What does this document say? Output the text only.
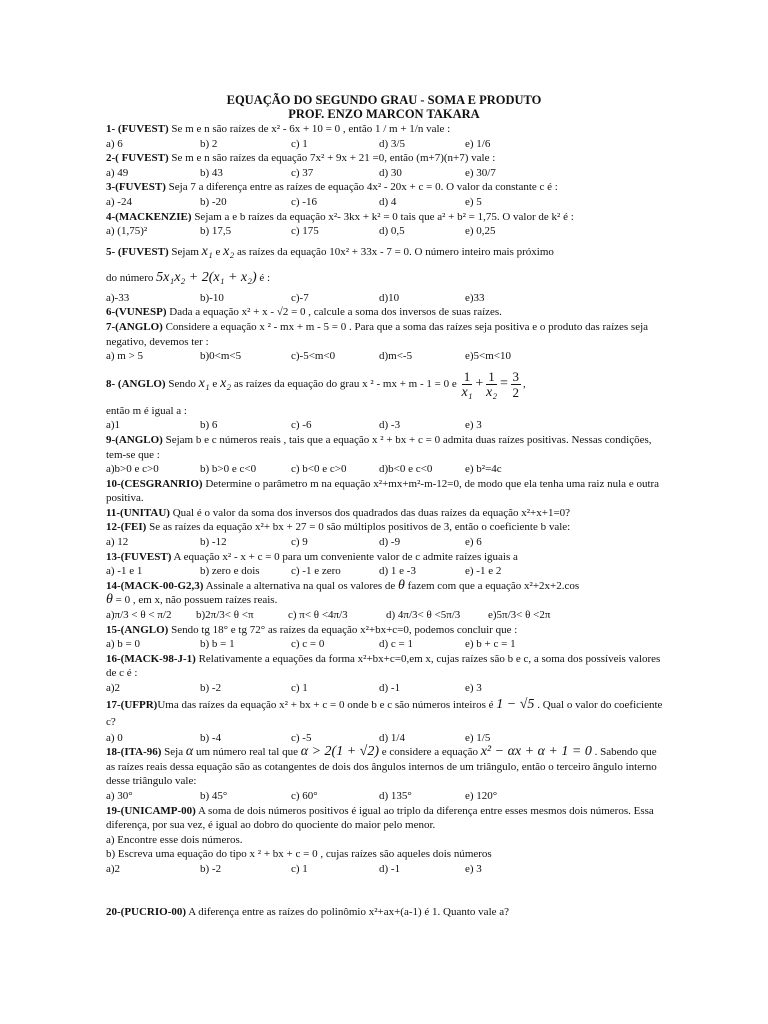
EQUAÇÃO DO SEGUNDO GRAU - SOMA E PRODUTO
PROF. ENZO MARCON TAKARA
1- (FUVEST) Se m e n são raízes de x² - 6x + 10 = 0 , então 1 / m + 1/n vale :
a) 6	b) 2	c) 1	d) 3/5	e) 1/6
2-( FUVEST) Se m e n são raízes da equação 7x² + 9x + 21 =0, então (m+7)(n+7) vale :
a) 49	b) 43	c) 37	d) 30	e) 30/7
3-(FUVEST) Seja 7 a diferença entre as raízes de equação 4x² - 20x + c = 0. O valor da constante c é :
a) -24	b) -20	c) -16	d) 4	e) 5
4-(MACKENZIE) Sejam a e b raízes da equação x²- 3kx + k² = 0 tais que a² + b² = 1,75. O valor de k² é :
a) (1,75)²	b) 17,5	c) 175	d) 0,5	e) 0,25
5- (FUVEST) Sejam x₁ e x₂ as raízes da equação 10x² + 33x - 7 = 0. O número inteiro mais próximo
do número 5x₁x₂ + 2(x₁ + x₂) é :
a)-33	b)-10	c)-7	d)10	e)33
6-(VUNESP) Dada a equação x² + x - √2 = 0 , calcule a soma dos inversos de suas raízes.
7-(ANGLO) Considere a equação x ² - mx + m - 5 = 0 . Para que a soma das raízes seja positiva e o produto das raízes seja negativo, devemos ter :
a) m > 5	b)0<m<5	c)-5<m<0	d)m<-5	e)5<m<10
8- (ANGLO) Sendo x₁ e x₂ as raízes da equação do grau x ² - mx + m - 1 = 0 e $\frac{1}{\text{x₁}} + \frac{1}{\text{x₂}} = \frac{3}{2}$ ,
então m é igual a :
a)1	b) 6	c) -6	d) -3	e) 3
9-(ANGLO) Sejam b e c números reais , tais que a equação x ² + bx + c = 0 admita duas raízes positivas. Nessas condições, tem-se que :
a)b>0 e c>0	b) b>0 e c<0	c) b<0 e c>0	d)b<0 e c<0	e) b²=4c
10-(CESGRANRIO) Determine o parâmetro m na equação x²+mx+m²-m-12=0, de modo que ela tenha uma raiz nula e outra positiva.
11-(UNITAU) Qual é o valor da soma dos inversos dos quadrados das duas raízes da equação x²+x+1=0?
12-(FEI) Se as raízes da equação x²+ bx + 27 = 0 são múltiplos positivos de 3, então o coeficiente b vale:
a) 12	b) -12	c) 9	d) -9	e) 6
13-(FUVEST) A equação x² - x + c = 0 para um conveniente valor de c admite raízes iguais a
a) -1 e 1	b) zero e dois	c) -1 e zero	d) 1 e -3	e) -1 e 2
14-(MACK-00-G2,3) Assinale a alternativa na qual os valores de θ fazem com que a equação x²+2x+2.cos
θ = 0 , em x, não possuem raízes reais.
a)π/3 < θ < π/2	b)2π/3< θ <π	c) π< θ <4π/3	d) 4π/3< θ <5π/3	e)5π/3< θ <2π
15-(ANGLO) Sendo tg 18° e tg 72° as raízes da equação x²+bx+c=0, podemos concluir que :
a) b = 0	b) b = 1	c) c = 0	d) c = 1	e) b + c = 1
16-(MACK-98-J-1) Relativamente a equações da forma x²+bx+c=0,em x, cujas raízes são b e c, a soma dos possíveis valores de c é :
a)2	b) -2	c) 1	d) -1	e) 3
17-(UFPR)Uma das raízes da equação x² + bx + c = 0 onde b e c são números inteiros é 1 − √5 . Qual o valor do coeficiente c?
a) 0	b) -4	c) -5	d) 1/4	e) 1/5
18-(ITA-96) Seja α um número real tal que α > 2(1 + √2) e considere a equação x² − αx + α + 1 = 0 . Sabendo que as raízes reais dessa equação são as cotangentes de dois dos ângulos internos de um triângulo, então o terceiro ângulo interno desse triângulo vale:
a) 30°	b) 45°	c) 60°	d) 135°	e) 120°
19-(UNICAMP-00) A soma de dois números positivos é igual ao triplo da diferença entre esses mesmos dois números. Essa diferença, por sua vez, é igual ao dobro do quociente do maior pelo menor.
a) Encontre esse dois números.
b) Escreva uma equação do tipo x ² + bx + c = 0 , cujas raízes são aqueles dois números
a)2	b) -2	c) 1	d) -1	e) 3
20-(PUCRIO-00) A diferença entre as raízes do polinômio x²+ax+(a-1) é 1. Quanto vale a?
